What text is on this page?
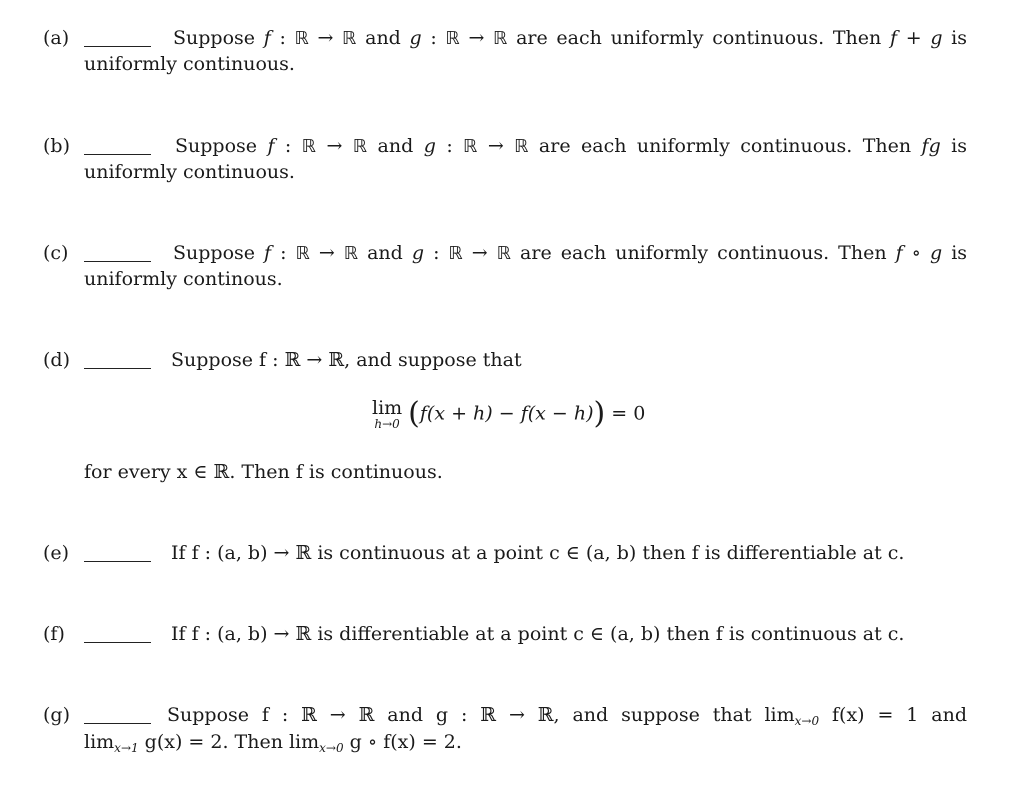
(a)	Suppose f : ℝ → ℝ and g : ℝ → ℝ are each uniformly continuous. Then f + g is
uniformly continuous.
(b)	Suppose f : ℝ → ℝ and g : ℝ → ℝ are each uniformly continuous. Then fg is
uniformly continuous.
(c)	Suppose f : ℝ → ℝ and g : ℝ → ℝ are each uniformly continuous. Then f ∘ g is
uniformly continous.
(d)	Suppose f : ℝ → ℝ, and suppose that
lim
h→0 (f(x + h) − f(x − h)) = 0
for every x ∈ ℝ. Then f is continuous.
(e)	If f : (a, b) → ℝ is continuous at a point c ∈ (a, b) then f is differentiable at c.
(f)	If f : (a, b) → ℝ is differentiable at a point c ∈ (a, b) then f is continuous at c.
(g)	Suppose f : ℝ → ℝ and g : ℝ → ℝ, and suppose that $\lim_{x\to 0} f(x) = 1$ and
$\lim_{x\to 1} g(x) = 2$. Then $\lim_{x\to 0} g$ ∘ f(x) = 2.
